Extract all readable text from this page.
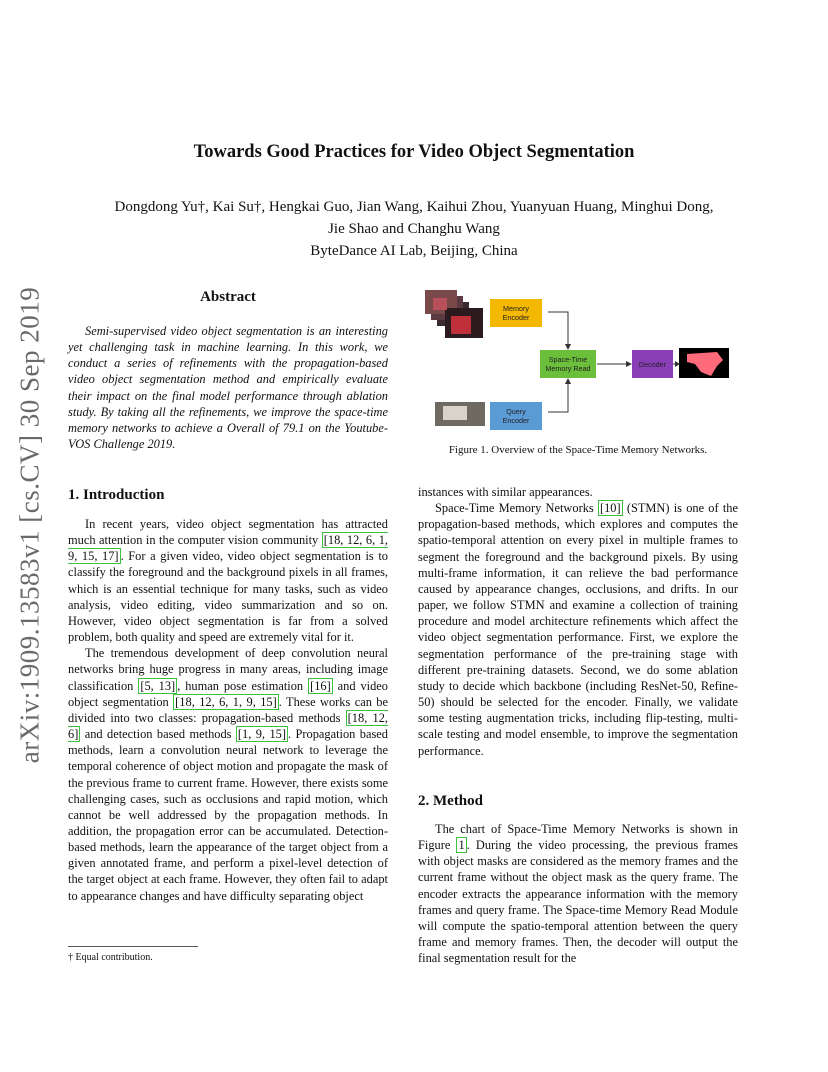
Towards Good Practices for Video Object Segmentation
Dongdong Yu†, Kai Su†, Hengkai Guo, Jian Wang, Kaihui Zhou, Yuanyuan Huang, Minghui Dong,
Jie Shao and Changhu Wang
ByteDance AI Lab, Beijing, China
arXiv:1909.13583v1 [cs.CV] 30 Sep 2019	Abstract

Semi-supervised video object segmentation is an interesting yet challenging task in machine learning. In this work, we conduct a series of refinements with the propagation-based video object segmentation method and empirically evaluate their impact on the final model performance through ablation study. By taking all the refinements, we improve the space-time memory networks to achieve a Overall of 79.1 on the Youtube-VOS Challenge 2019.

1. Introduction

In recent years, video object segmentation has attracted much attention in the computer vision community [18, 12, 6, 1, 9, 15, 17] . For a given video, video object segmentation is to classify the foreground and the background pixels in all frames, which is an essential technique for many tasks, such as video analysis, video editing, video summarization and so on. However, video object segmentation is far from a solved problem, both quality and speed are extremely vital for it.

The tremendous development of deep convolution neural networks bring huge progress in many areas, including image classification [5, 13] , human pose estimation [16] and video object segmentation [18, 12, 6, 1, 9, 15] . These works can be divided into two classes: propagation-based methods [18, 12, 6] and detection based methods [1, 9, 15] . Propagation based methods, learn a convolution neural network to leverage the temporal coherence of object motion and propagate the mask of the previous frame to current frame. However, there exists some challenging cases, such as occlusions and rapid motion, which cannot be well addressed by the propagation methods. In addition, the propagation error can be accumulated. Detection-based methods, learn the appearance of the target object from a given annotated frame, and perform a pixel-level detection of the target object at each frame. However, they often fail to adapt to appearance changes and have difficulty separating object

† Equal contribution.
Memory
Encoder
Space-Time
Memory Read	Decoder
Query
Encoder
Figure 1. Overview of the Space-Time Memory Networks.

instances with similar appearances.

Space-Time Memory Networks [10] (STMN) is one of the propagation-based methods, which explores and computes the spatio-temporal attention on every pixel in multiple frames to segment the foreground and the background pixels. By using multi-frame information, it can relieve the bad performance caused by appearance changes, occlusions, and drifts. In our paper, we follow STMN and examine a collection of training procedure and model architecture refinements which affect the video object segmentation performance. First, we explore the segmentation performance of the pre-training stage with different pre-training datasets. Second, we do some ablation study to decide which backbone (including ResNet-50, Refine-50) should be selected for the encoder. Finally, we validate some testing augmentation tricks, including flip-testing, multi-scale testing and model ensemble, to improve the segmentation performance.

2. Method

The chart of Space-Time Memory Networks is shown in Figure 1 . During the video processing, the previous frames with object masks are considered as the memory frames and the current frame without the object mask as the query frame. The encoder extracts the appearance information with the memory frames and query frame. The Space-time Memory Read Module will compute the spatio-temporal attention between the query frame and memory frames. Then, the decoder will output the final segmentation result for the
